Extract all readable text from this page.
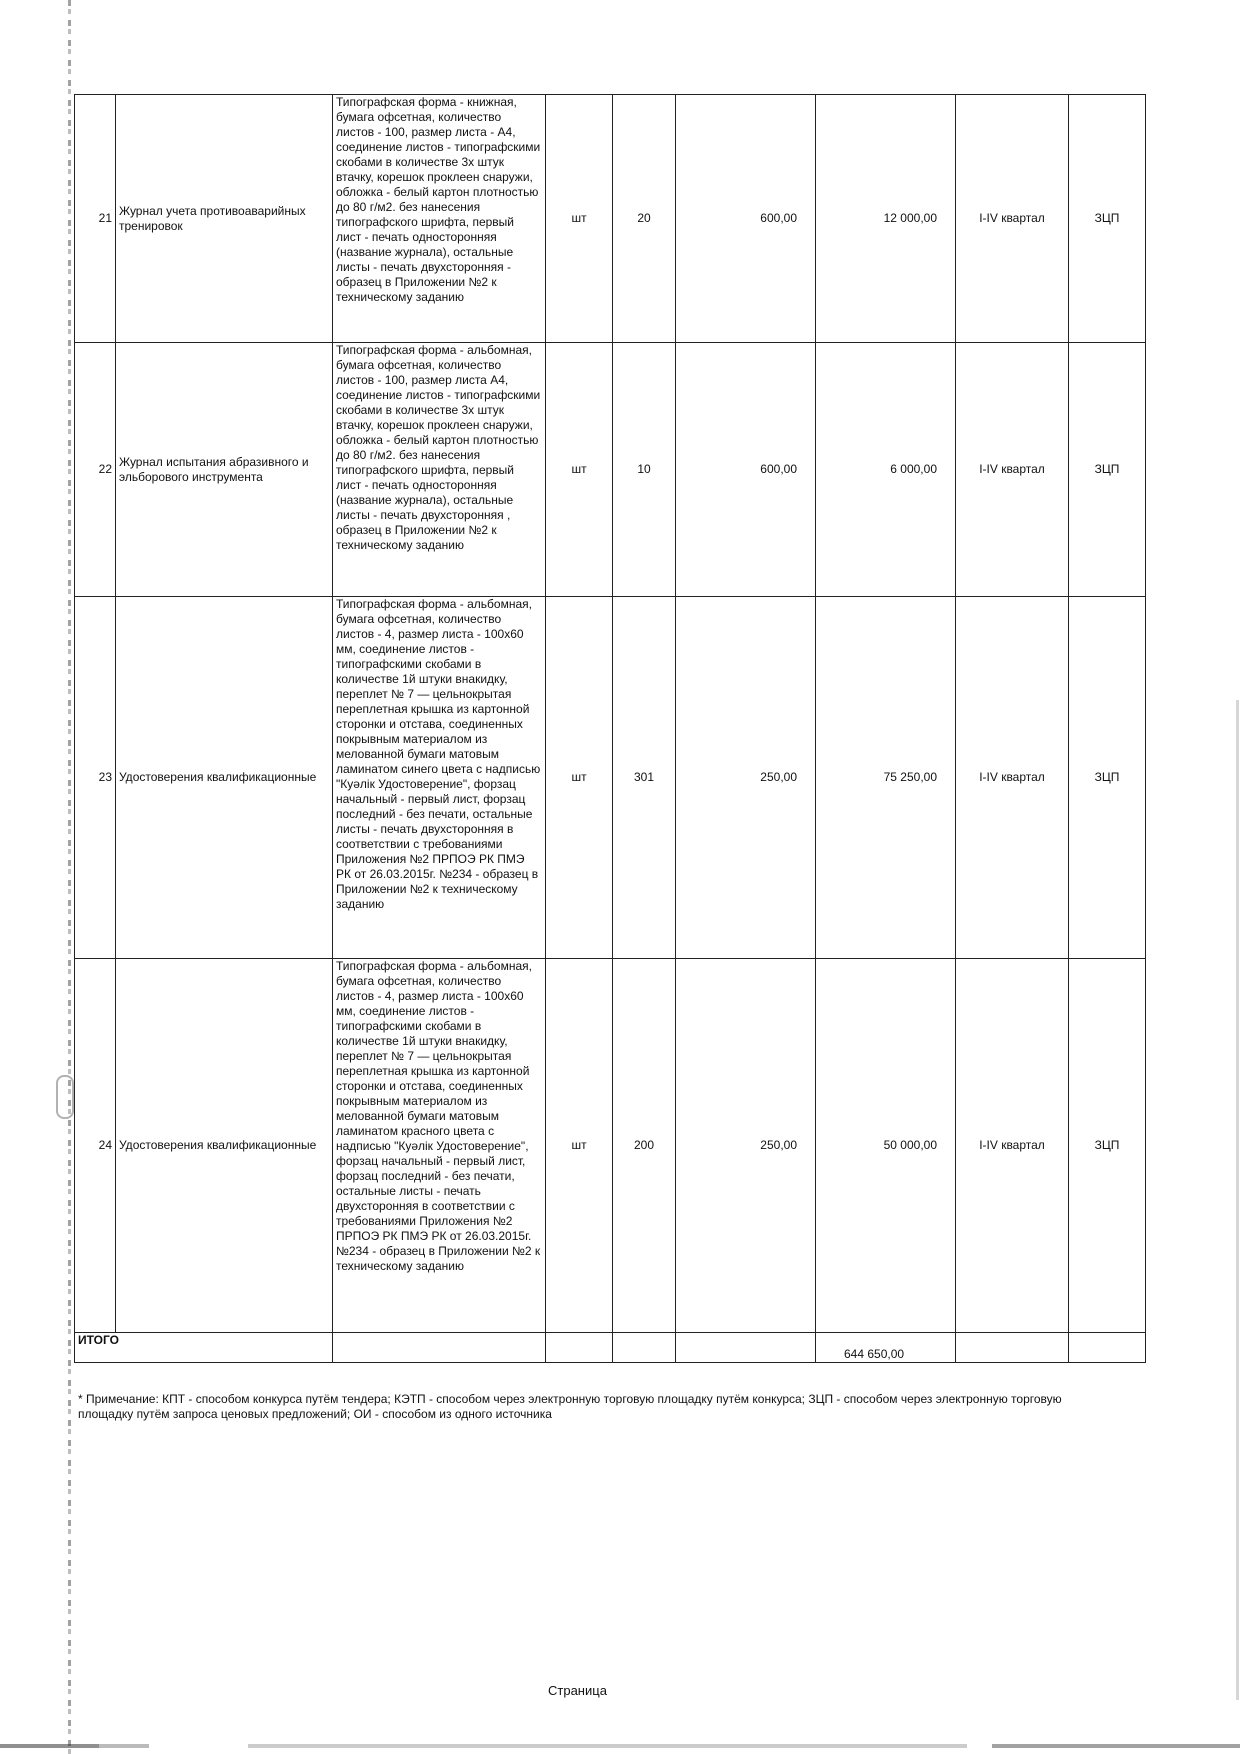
21	Журнал учета противоаварийных тренировок	Типографская форма - книжная, бумага офсетная, количество листов - 100, размер листа - А4, соединение листов - типографскими скобами в количестве 3х штук втачку, корешок проклеен снаружи, обложка - белый картон плотностью до 80 г/м2. без нанесения типографского шрифта, первый лист - печать односторонняя (название журнала), остальные листы - печать двухсторонняя - образец в Приложении №2 к техническому заданию	шт	20	600,00	12 000,00	I-IV квартал	ЗЦП
22	Журнал испытания абразивного и эльборового инструмента	Типографская форма - альбомная, бумага офсетная, количество листов - 100, размер листа А4, соединение листов - типографскими скобами в количестве 3х штук втачку, корешок проклеен снаружи, обложка - белый картон плотностью до 80 г/м2. без нанесения типографского шрифта, первый лист - печать односторонняя (название журнала), остальные листы - печать двухсторонняя , образец в Приложении №2 к техническому заданию	шт	10	600,00	6 000,00	I-IV квартал	ЗЦП
23	Удостоверения квалификационные	Типографская форма - альбомная, бумага офсетная, количество листов - 4, размер листа - 100х60 мм, соединение листов - типографскими скобами в количестве 1й штуки внакидку, переплет № 7 — цельнокрытая переплетная крышка из картонной сторонки и отстава, соединенных покрывным материалом из мелованной бумаги матовым ламинатом синего цвета с надписью "Куәлік Удостоверение", форзац начальный - первый лист, форзац последний - без печати, остальные листы - печать двухсторонняя в соответствии с требованиями Приложения №2 ПРПОЭ РК ПМЭ РК от 26.03.2015г. №234 - образец в Приложении №2 к техническому заданию	шт	301	250,00	75 250,00	I-IV квартал	ЗЦП
24	Удостоверения квалификационные	Типографская форма - альбомная, бумага офсетная, количество листов - 4, размер листа - 100х60 мм, соединение листов - типографскими скобами в количестве 1й штуки внакидку, переплет № 7 — цельнокрытая переплетная крышка из картонной сторонки и отстава, соединенных покрывным материалом из мелованной бумаги матовым ламинатом красного цвета с надписью "Куәлік Удостоверение", форзац начальный - первый лист, форзац последний - без печати, остальные листы - печать двухсторонняя в соответствии с требованиями Приложения №2 ПРПОЭ РК ПМЭ РК от 26.03.2015г. №234 - образец в Приложении №2 к техническому заданию	шт	200	250,00	50 000,00	I-IV квартал	ЗЦП
ИТОГО						644 650,00		
* Примечание: КПТ - способом конкурса путём тендера; КЭТП - способом через электронную торговую площадку путём конкурса; ЗЦП - способом через электронную торговую площадку путём запроса ценовых предложений; ОИ - способом из одного источника
Страница
